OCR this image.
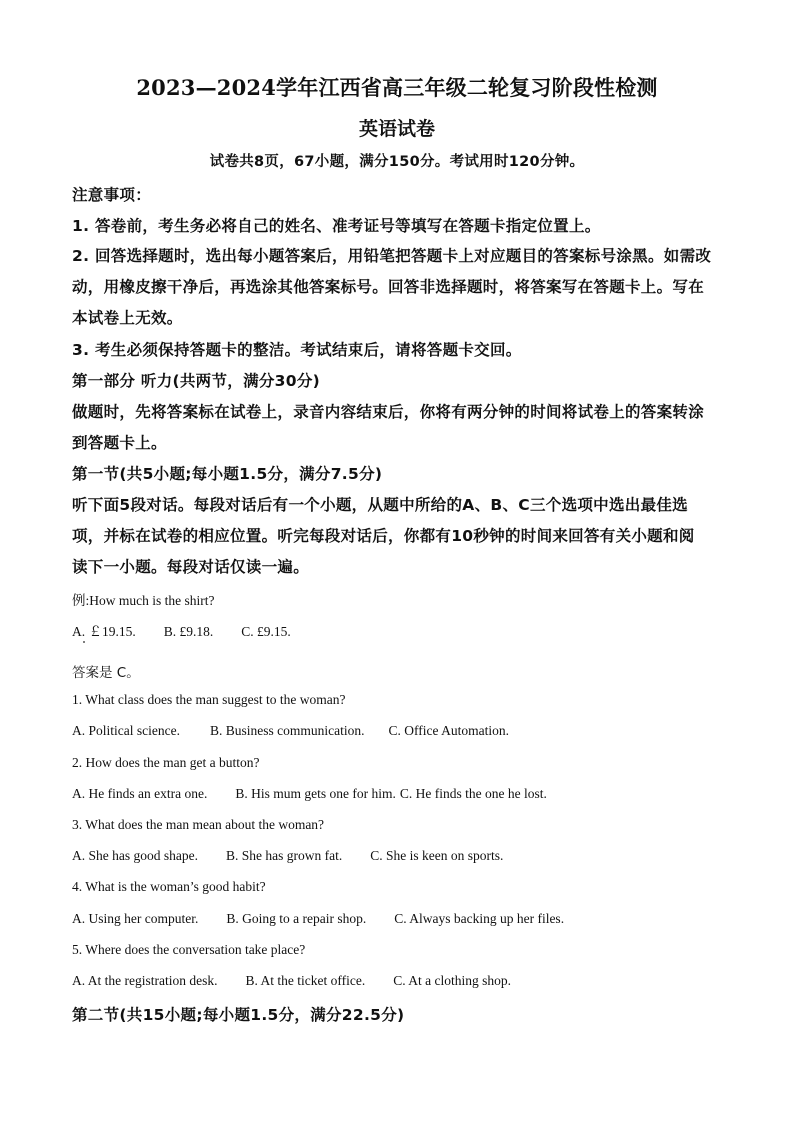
2023—2024学年江西省高三年级二轮复习阶段性检测
英语试卷
试卷共8页，67小题，满分150分。考试用时120分钟。
注意事项：
1. 答卷前，考生务必将自己的姓名、准考证号等填写在答题卡指定位置上。
2. 回答选择题时，选出每小题答案后，用铅笔把答题卡上对应题目的答案标号涂黑。如需改
动，用橡皮擦干净后，再选涂其他答案标号。回答非选择题时，将答案写在答题卡上。写在
本试卷上无效。
3. 考生必须保持答题卡的整洁。考试结束后，请将答题卡交回。
第一部分 听力(共两节，满分30分)
做题时，先将答案标在试卷上，录音内容结束后，你将有两分钟的时间将试卷上的答案转涂
到答题卡上。
第一节(共5小题;每小题1.5分，满分7.5分)
听下面5段对话。每段对话后有一个小题，从题中所给的A、B、C三个选项中选出最佳选
项，并标在试卷的相应位置。听完每段对话后，你都有10秒钟的时间来回答有关小题和阅
读下一小题。每段对话仅读一遍。
例:How much is the shirt?
A. ￡19.15. B. £9.18. C. £9.15.
答案是 C。
1. What class does the man suggest to the woman?
A. Political science. B. Business communication. C. Office Automation.
2. How does the man get a button?
A. He finds an extra one. B. His mum gets one for him. C. He finds the one he lost.
3. What does the man mean about the woman?
A. She has good shape. B. She has grown fat. C. She is keen on sports.
4. What is the woman’s good habit?
A. Using her computer. B. Going to a repair shop. C. Always backing up her files.
5. Where does the conversation take place?
A. At the registration desk. B. At the ticket office. C. At a clothing shop.
第二节(共15小题;每小题1.5分，满分22.5分)
